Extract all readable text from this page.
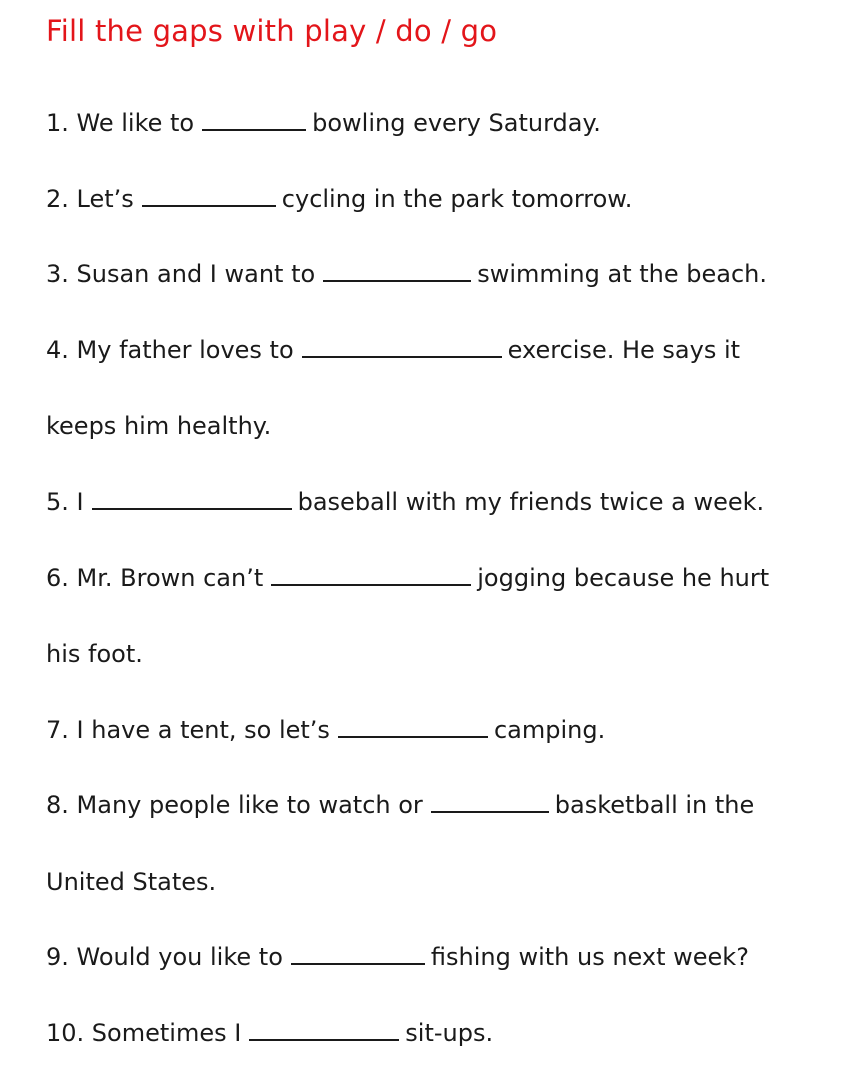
Fill the gaps with play / do / go
1. We like to	bowling every Saturday.
2. Let’s	cycling in the park tomorrow.
3. Susan and I want to	swimming at the beach.
4. My father loves to	exercise. He says it
keeps him healthy.
5. I	baseball with my friends twice a week.
6. Mr. Brown can’t	jogging because he hurt
his foot.
7. I have a tent, so let’s	camping.
8. Many people like to watch or	basketball in the
United States.
9. Would you like to	fishing with us next week?
10. Sometimes I	sit-ups.
